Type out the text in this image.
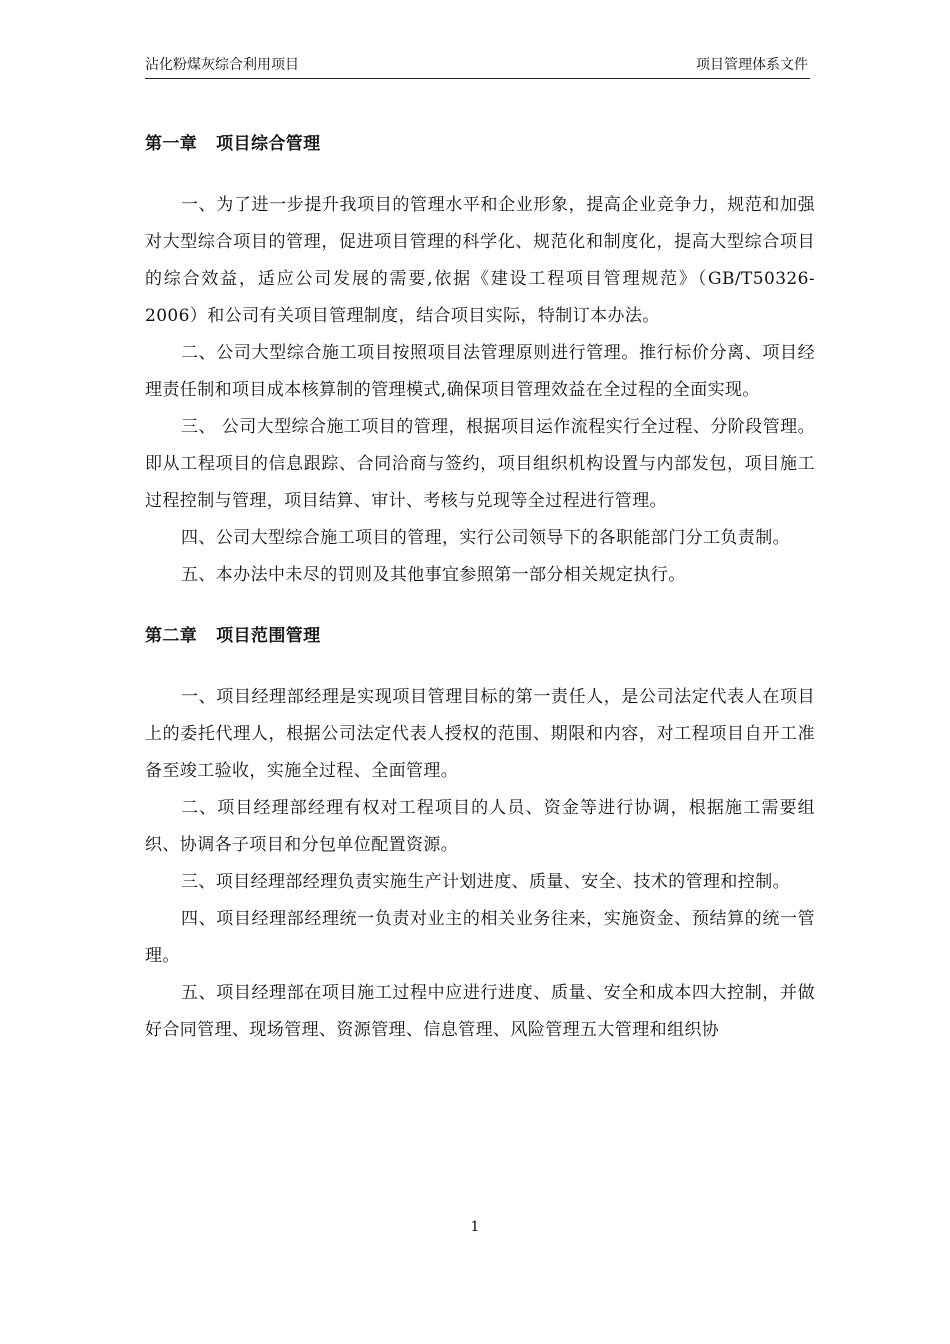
沾化粉煤灰综合利用项目	项目管理体系文件
第一章   项目综合管理

一、为了进一步提升我项目的管理水平和企业形象，提高企业竞争力，规范和加强对大型综合项目的管理，促进项目管理的科学化、规范化和制度化，提高大型综合项目的综合效益，适应公司发展的需要,依据《建设工程项目管理规范》（GB/T50326-2006）和公司有关项目管理制度，结合项目实际，特制订本办法。

二、公司大型综合施工项目按照项目法管理原则进行管理。推行标价分离、项目经理责任制和项目成本核算制的管理模式,确保项目管理效益在全过程的全面实现。

三、 公司大型综合施工项目的管理，根据项目运作流程实行全过程、分阶段管理。即从工程项目的信息跟踪、合同洽商与签约，项目组织机构设置与内部发包，项目施工过程控制与管理，项目结算、审计、考核与兑现等全过程进行管理。

四、公司大型综合施工项目的管理，实行公司领导下的各职能部门分工负责制。

五、本办法中未尽的罚则及其他事宜参照第一部分相关规定执行。

第二章   项目范围管理

一、项目经理部经理是实现项目管理目标的第一责任人，是公司法定代表人在项目上的委托代理人，根据公司法定代表人授权的范围、期限和内容，对工程项目自开工准备至竣工验收，实施全过程、全面管理。

二、项目经理部经理有权对工程项目的人员、资金等进行协调，根据施工需要组织、协调各子项目和分包单位配置资源。

三、项目经理部经理负责实施生产计划进度、质量、安全、技术的管理和控制。

四、项目经理部经理统一负责对业主的相关业务往来，实施资金、预结算的统一管理。

五、项目经理部在项目施工过程中应进行进度、质量、安全和成本四大控制，并做好合同管理、现场管理、资源管理、信息管理、风险管理五大管理和组织协

1
